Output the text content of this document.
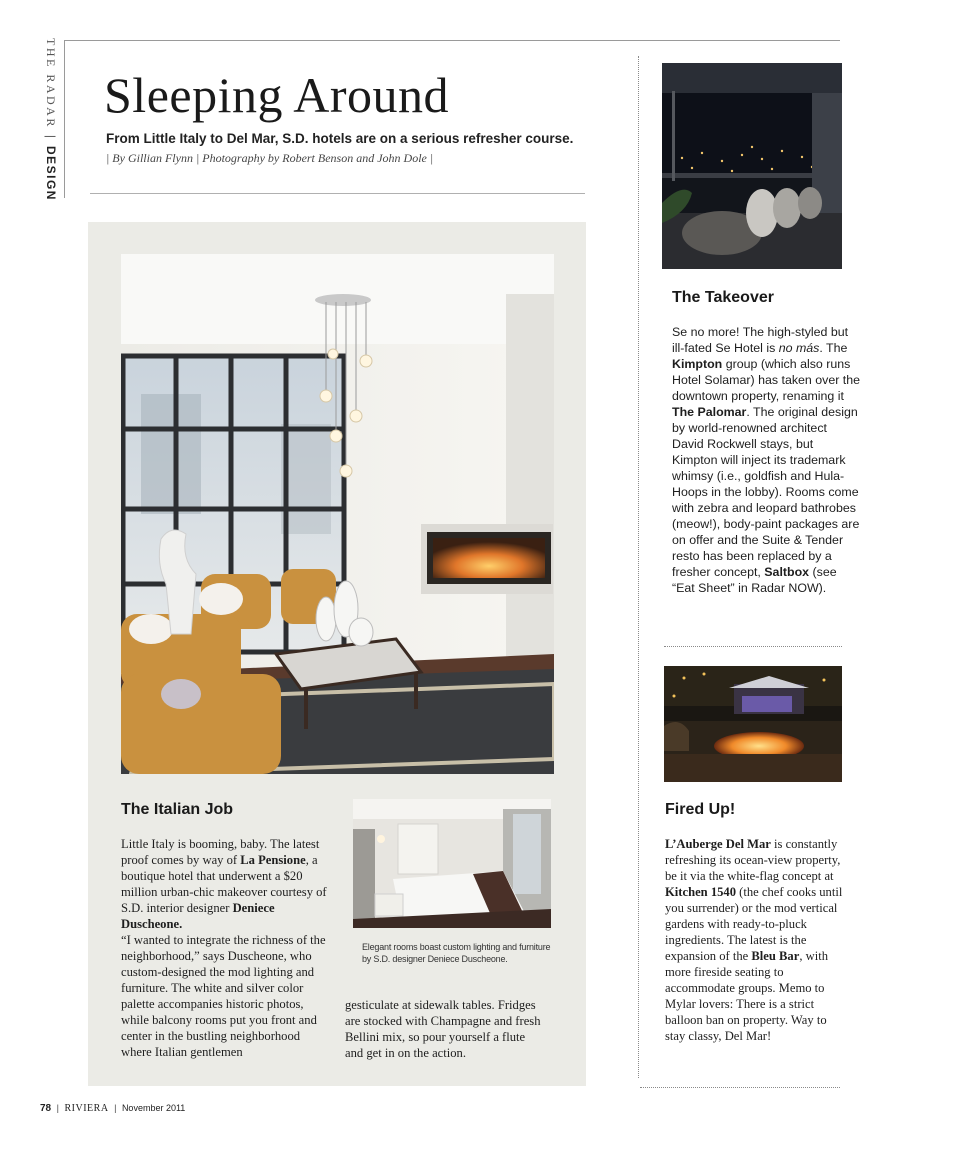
THE RADAR
|
DESIGN
Sleeping Around
From Little Italy to Del Mar, S.D. hotels are on a serious refresher course.
| By Gillian Flynn | Photography by Robert Benson and John Dole |
The Italian Job
Little Italy is booming, baby. The latest proof comes by way of La Pensione, a boutique hotel that underwent a $20 million urban-chic makeover courtesy of S.D. interior designer Deniece Duscheone.
“I wanted to integrate the richness of the neighborhood,” says Duscheone, who custom-designed the mod lighting and furniture. The white and silver color palette accompanies historic photos, while balcony rooms put you front and center in the bustling neighborhood where Italian gentlemen
Elegant rooms boast custom lighting and furniture by S.D. designer Deniece Duscheone.
gesticulate at sidewalk tables. Fridges are stocked with Champagne and fresh Bellini mix, so pour yourself a flute and get in on the action.
The Takeover
Se no more! The high-styled but ill-fated Se Hotel is no más. The Kimpton group (which also runs Hotel Solamar) has taken over the downtown property, renaming it The Palomar. The original design by world-renowned architect David Rockwell stays, but Kimpton will inject its trademark whimsy (i.e., goldfish and Hula-Hoops in the lobby). Rooms come with zebra and leopard bathrobes (meow!), body-paint packages are on offer and the Suite & Tender resto has been replaced by a fresher concept, Saltbox (see “Eat Sheet” in Radar NOW).
Fired Up!
L’Auberge Del Mar is constantly refreshing its ocean-view property, be it via the white-flag concept at Kitchen 1540 (the chef cooks until you surrender) or the mod vertical gardens with ready-to-pluck ingredients. The latest is the expansion of the Bleu Bar, with more fireside seating to accommodate groups. Memo to Mylar lovers: There is a strict balloon ban on property. Way to stay classy, Del Mar!
78 | RIVIERA | November 2011
